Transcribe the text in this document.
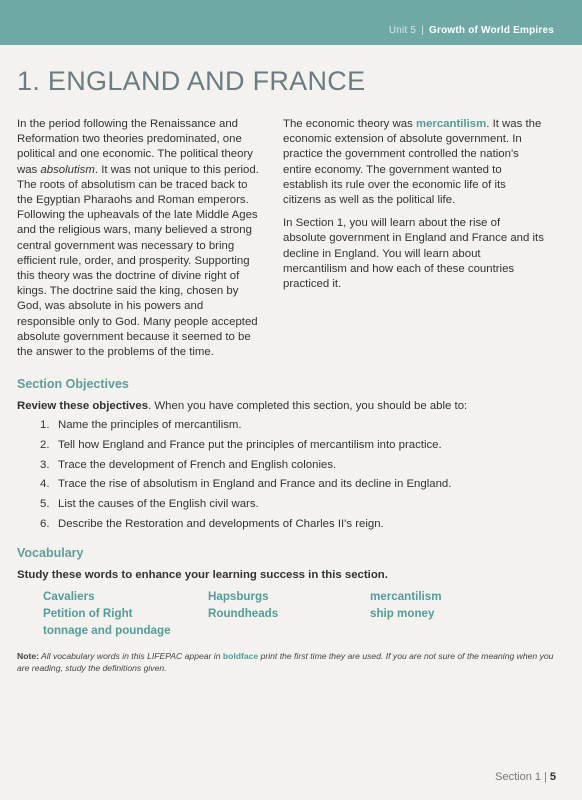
Unit 5 | Growth of World Empires
1. ENGLAND AND FRANCE

In the period following the Renaissance and Reformation two theories predominated, one political and one economic. The political theory was absolutism. It was not unique to this period. The roots of absolutism can be traced back to the Egyptian Pharaohs and Roman emperors. Following the upheavals of the late Middle Ages and the religious wars, many believed a strong central government was necessary to bring efficient rule, order, and prosperity. Supporting this theory was the doctrine of divine right of kings. The doctrine said the king, chosen by God, was absolute in his powers and responsible only to God. Many people accepted absolute government because it seemed to be the answer to the problems of the time.

The economic theory was mercantilism. It was the economic extension of absolute government. In practice the government controlled the nation's entire economy. The government wanted to establish its rule over the economic life of its citizens as well as the political life.

In Section 1, you will learn about the rise of absolute government in England and France and its decline in England. You will learn about mercantilism and how each of these countries practiced it.

Section Objectives
Review these objectives. When you have completed this section, you should be able to:
1. Name the principles of mercantilism.
2. Tell how England and France put the principles of mercantilism into practice.
3. Trace the development of French and English colonies.
4. Trace the rise of absolutism in England and France and its decline in England.
5. List the causes of the English civil wars.
6. Describe the Restoration and developments of Charles II's reign.
Vocabulary
Study these words to enhance your learning success in this section.
Cavaliers	Hapsburgs	mercantilism
Petition of Right	Roundheads	ship money
tonnage and poundage
Note: All vocabulary words in this LIFEPAC appear in boldface print the first time they are used. If you are not sure of the meaning when you are reading, study the definitions given.
Section 1 | 5
